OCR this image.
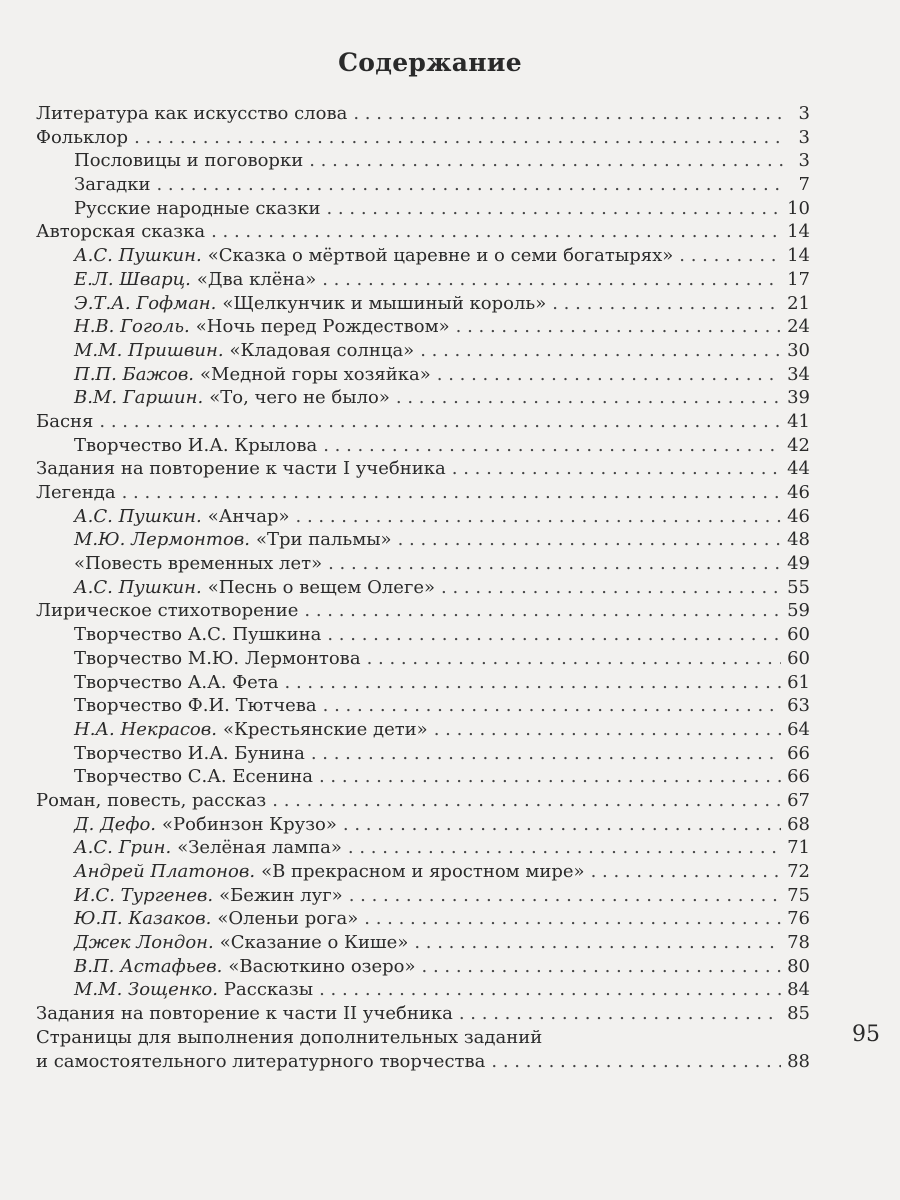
Содержание
Литература как искусство слова . . .	3
Фольклор . . .	3
Пословицы и поговорки . . .	3
Загадки . . .	7
Русские народные сказки . . .	10
Авторская сказка . . .	14
А.С. Пушкин. «Сказка о мёртвой царевне и о семи богатырях» . . .	14
Е.Л. Шварц. «Два клёна» . . .	17
Э.Т.А. Гофман. «Щелкунчик и мышиный король» . . .	21
Н.В. Гоголь. «Ночь перед Рождеством» . . .	24
М.М. Пришвин. «Кладовая солнца» . . .	30
П.П. Бажов. «Медной горы хозяйка» . . .	34
В.М. Гаршин. «То, чего не было» . . .	39
Басня . . .	41
Творчество И.А. Крылова . . .	42
Задания на повторение к части I учебника . . .	44
Легенда . . .	46
А.С. Пушкин. «Анчар» . . .	46
М.Ю. Лермонтов. «Три пальмы» . . .	48
«Повесть временных лет» . . .	49
А.С. Пушкин. «Песнь о вещем Олеге» . . .	55
Лирическое стихотворение . . .	59
Творчество А.С. Пушкина . . .	60
Творчество М.Ю. Лермонтова . . .	60
Творчество А.А. Фета . . .	61
Творчество Ф.И. Тютчева . . .	63
Н.А. Некрасов. «Крестьянские дети» . . .	64
Творчество И.А. Бунина . . .	66
Творчество С.А. Есенина . . .	66
Роман, повесть, рассказ . . .	67
Д. Дефо. «Робинзон Крузо» . . .	68
А.С. Грин. «Зелёная лампа» . . .	71
Андрей Платонов. «В прекрасном и яростном мире» . . .	72
И.С. Тургенев. «Бежин луг» . . .	75
Ю.П. Казаков. «Оленьи рога» . . .	76
Джек Лондон. «Сказание о Кише» . . .	78
В.П. Астафьев. «Васюткино озеро» . . .	80
М.М. Зощенко. Рассказы . . .	84
Задания на повторение к части II учебника . . .	85
Страницы для выполнения дополнительных заданий
и самостоятельного литературного творчества . . .	88
95
